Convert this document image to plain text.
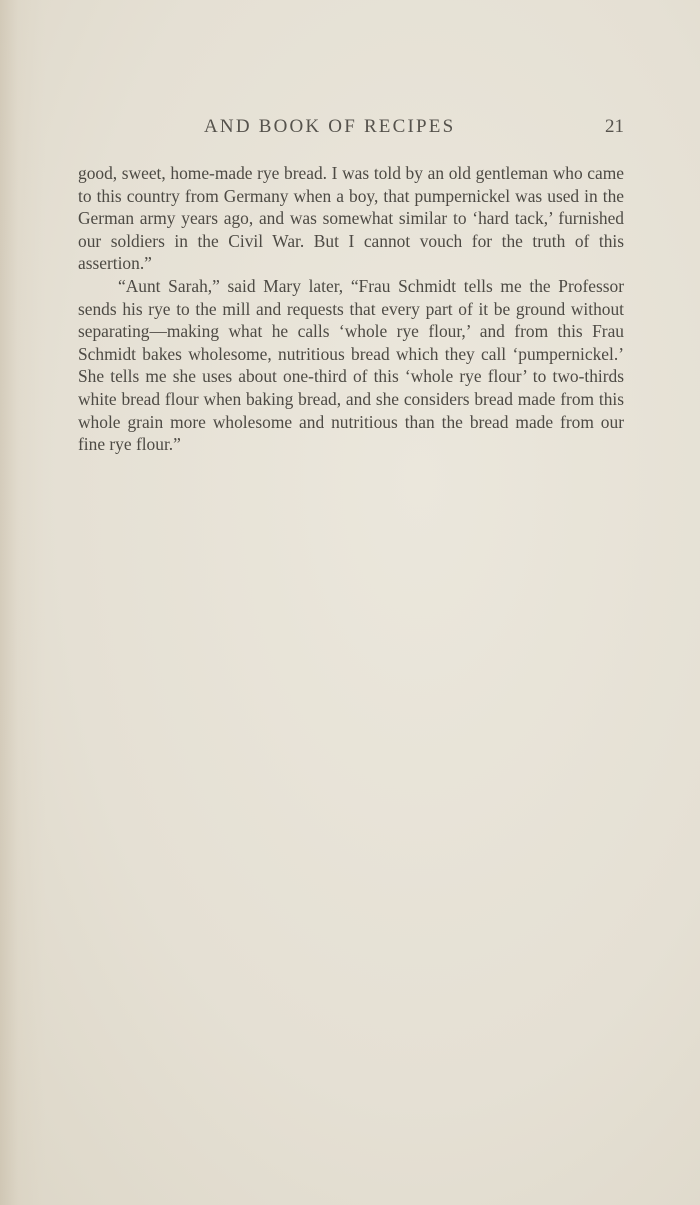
AND BOOK OF RECIPES	21

good, sweet, home-made rye bread. I was told by an old gentleman who came to this country from Germany when a boy, that pumpernickel was used in the German army years ago, and was somewhat similar to ‘hard tack,’ furnished our soldiers in the Civil War. But I cannot vouch for the truth of this assertion.”

“Aunt Sarah,” said Mary later, “Frau Schmidt tells me the Professor sends his rye to the mill and requests that every part of it be ground without separating—making what he calls ‘whole rye flour,’ and from this Frau Schmidt bakes wholesome, nutritious bread which they call ‘pumpernickel.’ She tells me she uses about one-third of this ‘whole rye flour’ to two-thirds white bread flour when baking bread, and she considers bread made from this whole grain more wholesome and nutritious than the bread made from our fine rye flour.”
